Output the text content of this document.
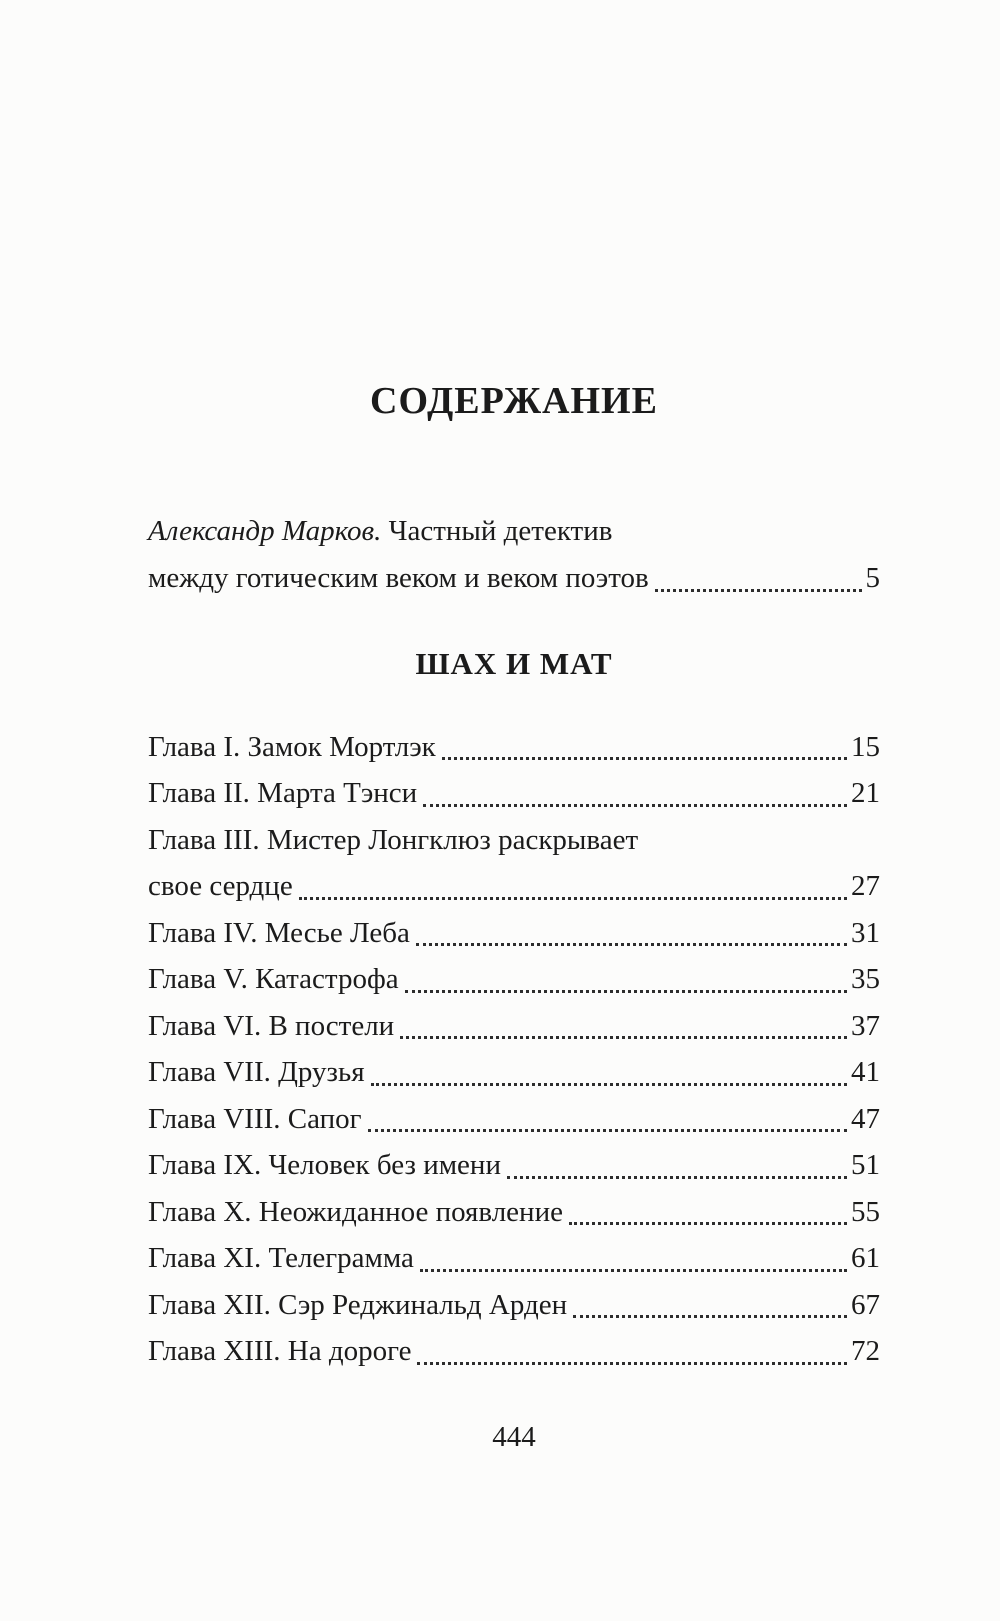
СОДЕРЖАНИЕ
Александр Марков. Частный детектив
между готическим веком и веком поэтов	5
ШАХ И МАТ
Глава I. Замок Мортлэк	15
Глава II. Марта Тэнси	21
Глава III. Мистер Лонгклюз раскрывает
свое сердце	27
Глава IV. Месье Леба	31
Глава V. Катастрофа	35
Глава VI. В постели	37
Глава VII. Друзья	41
Глава VIII. Сапог	47
Глава IX. Человек без имени	51
Глава X. Неожиданное появление	55
Глава XI. Телеграмма	61
Глава XII. Сэр Реджинальд Арден	67
Глава XIII. На дороге	72
444
